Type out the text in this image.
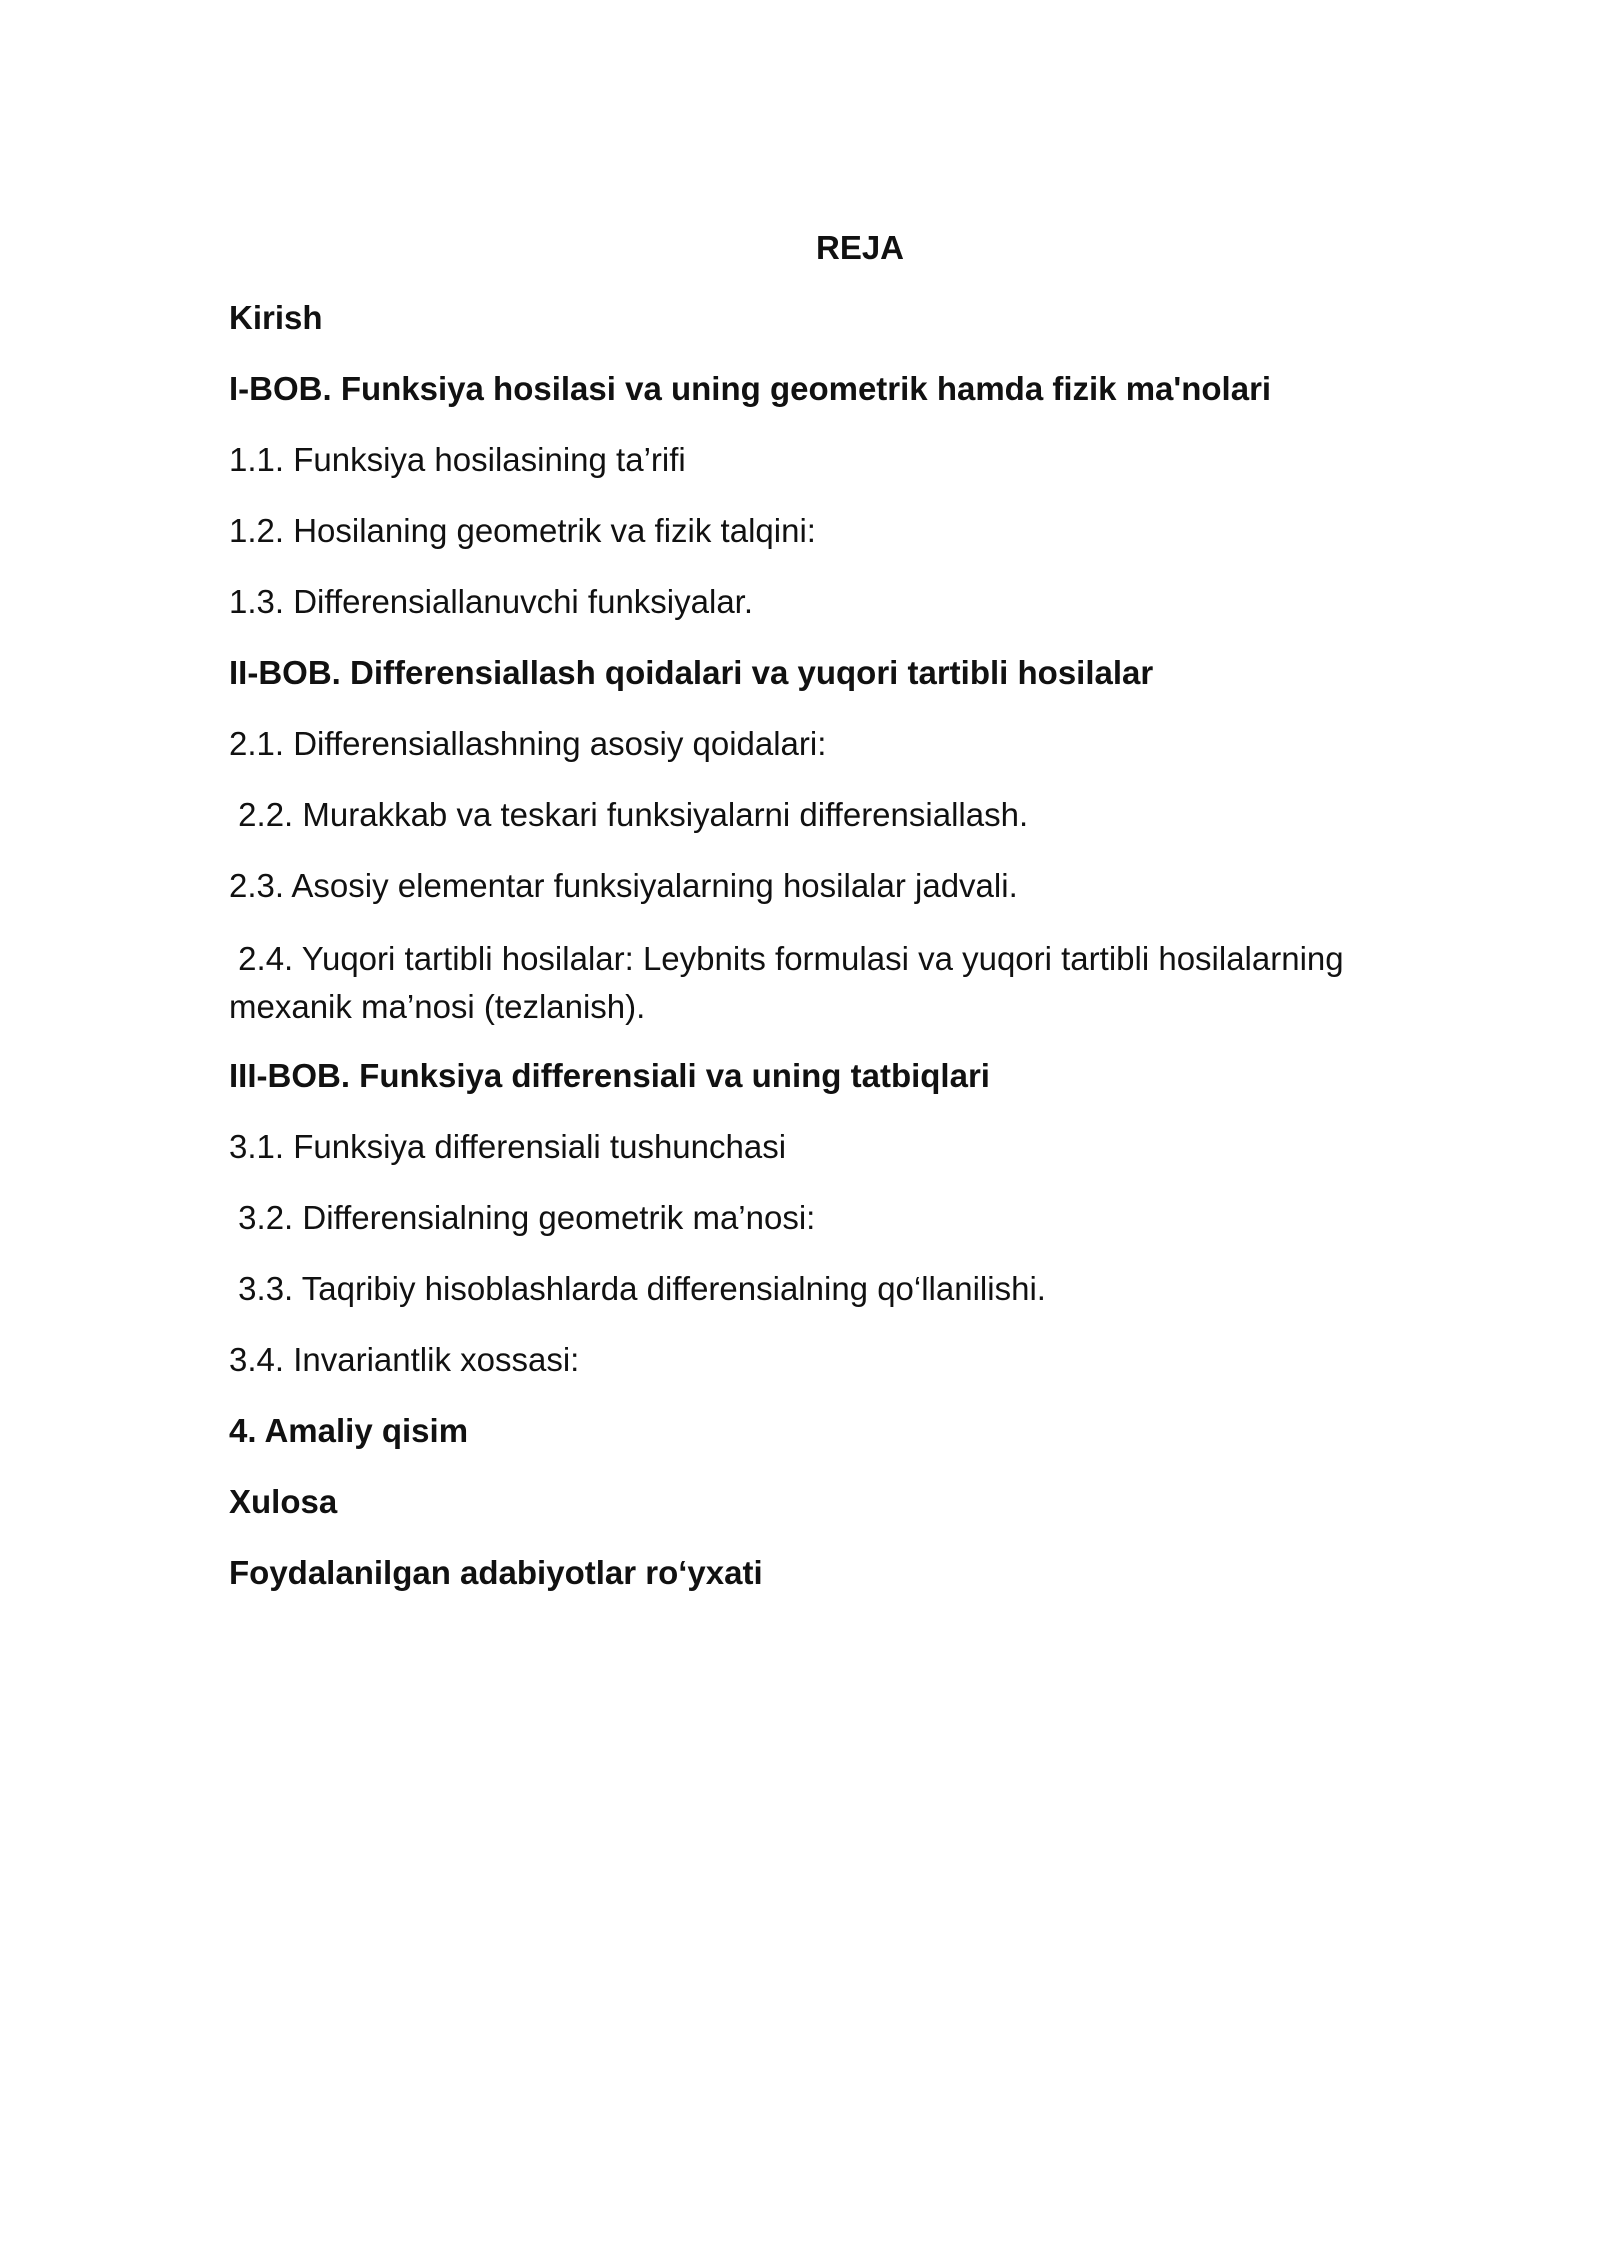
REJA
Kirish
I-BOB. Funksiya hosilasi va uning geometrik hamda fizik ma'nolari
1.1. Funksiya hosilasining ta’rifi
1.2. Hosilaning geometrik va fizik talqini:
1.3. Differensiallanuvchi funksiyalar.
II-BOB. Differensiallash qoidalari va yuqori tartibli hosilalar
2.1. Differensiallashning asosiy qoidalari:
2.2. Murakkab va teskari funksiyalarni differensiallash.
2.3. Asosiy elementar funksiyalarning hosilalar jadvali.
2.4. Yuqori tartibli hosilalar: Leybnits formulasi va yuqori tartibli hosilalarning mexanik ma’nosi (tezlanish).
III-BOB. Funksiya differensiali va uning tatbiqlari
3.1. Funksiya differensiali tushunchasi
3.2. Differensialning geometrik ma’nosi:
3.3. Taqribiy hisoblashlarda differensialning qo‘llanilishi.
3.4. Invariantlik xossasi:
4. Amaliy qisim
Xulosa
Foydalanilgan adabiyotlar ro‘yxati
